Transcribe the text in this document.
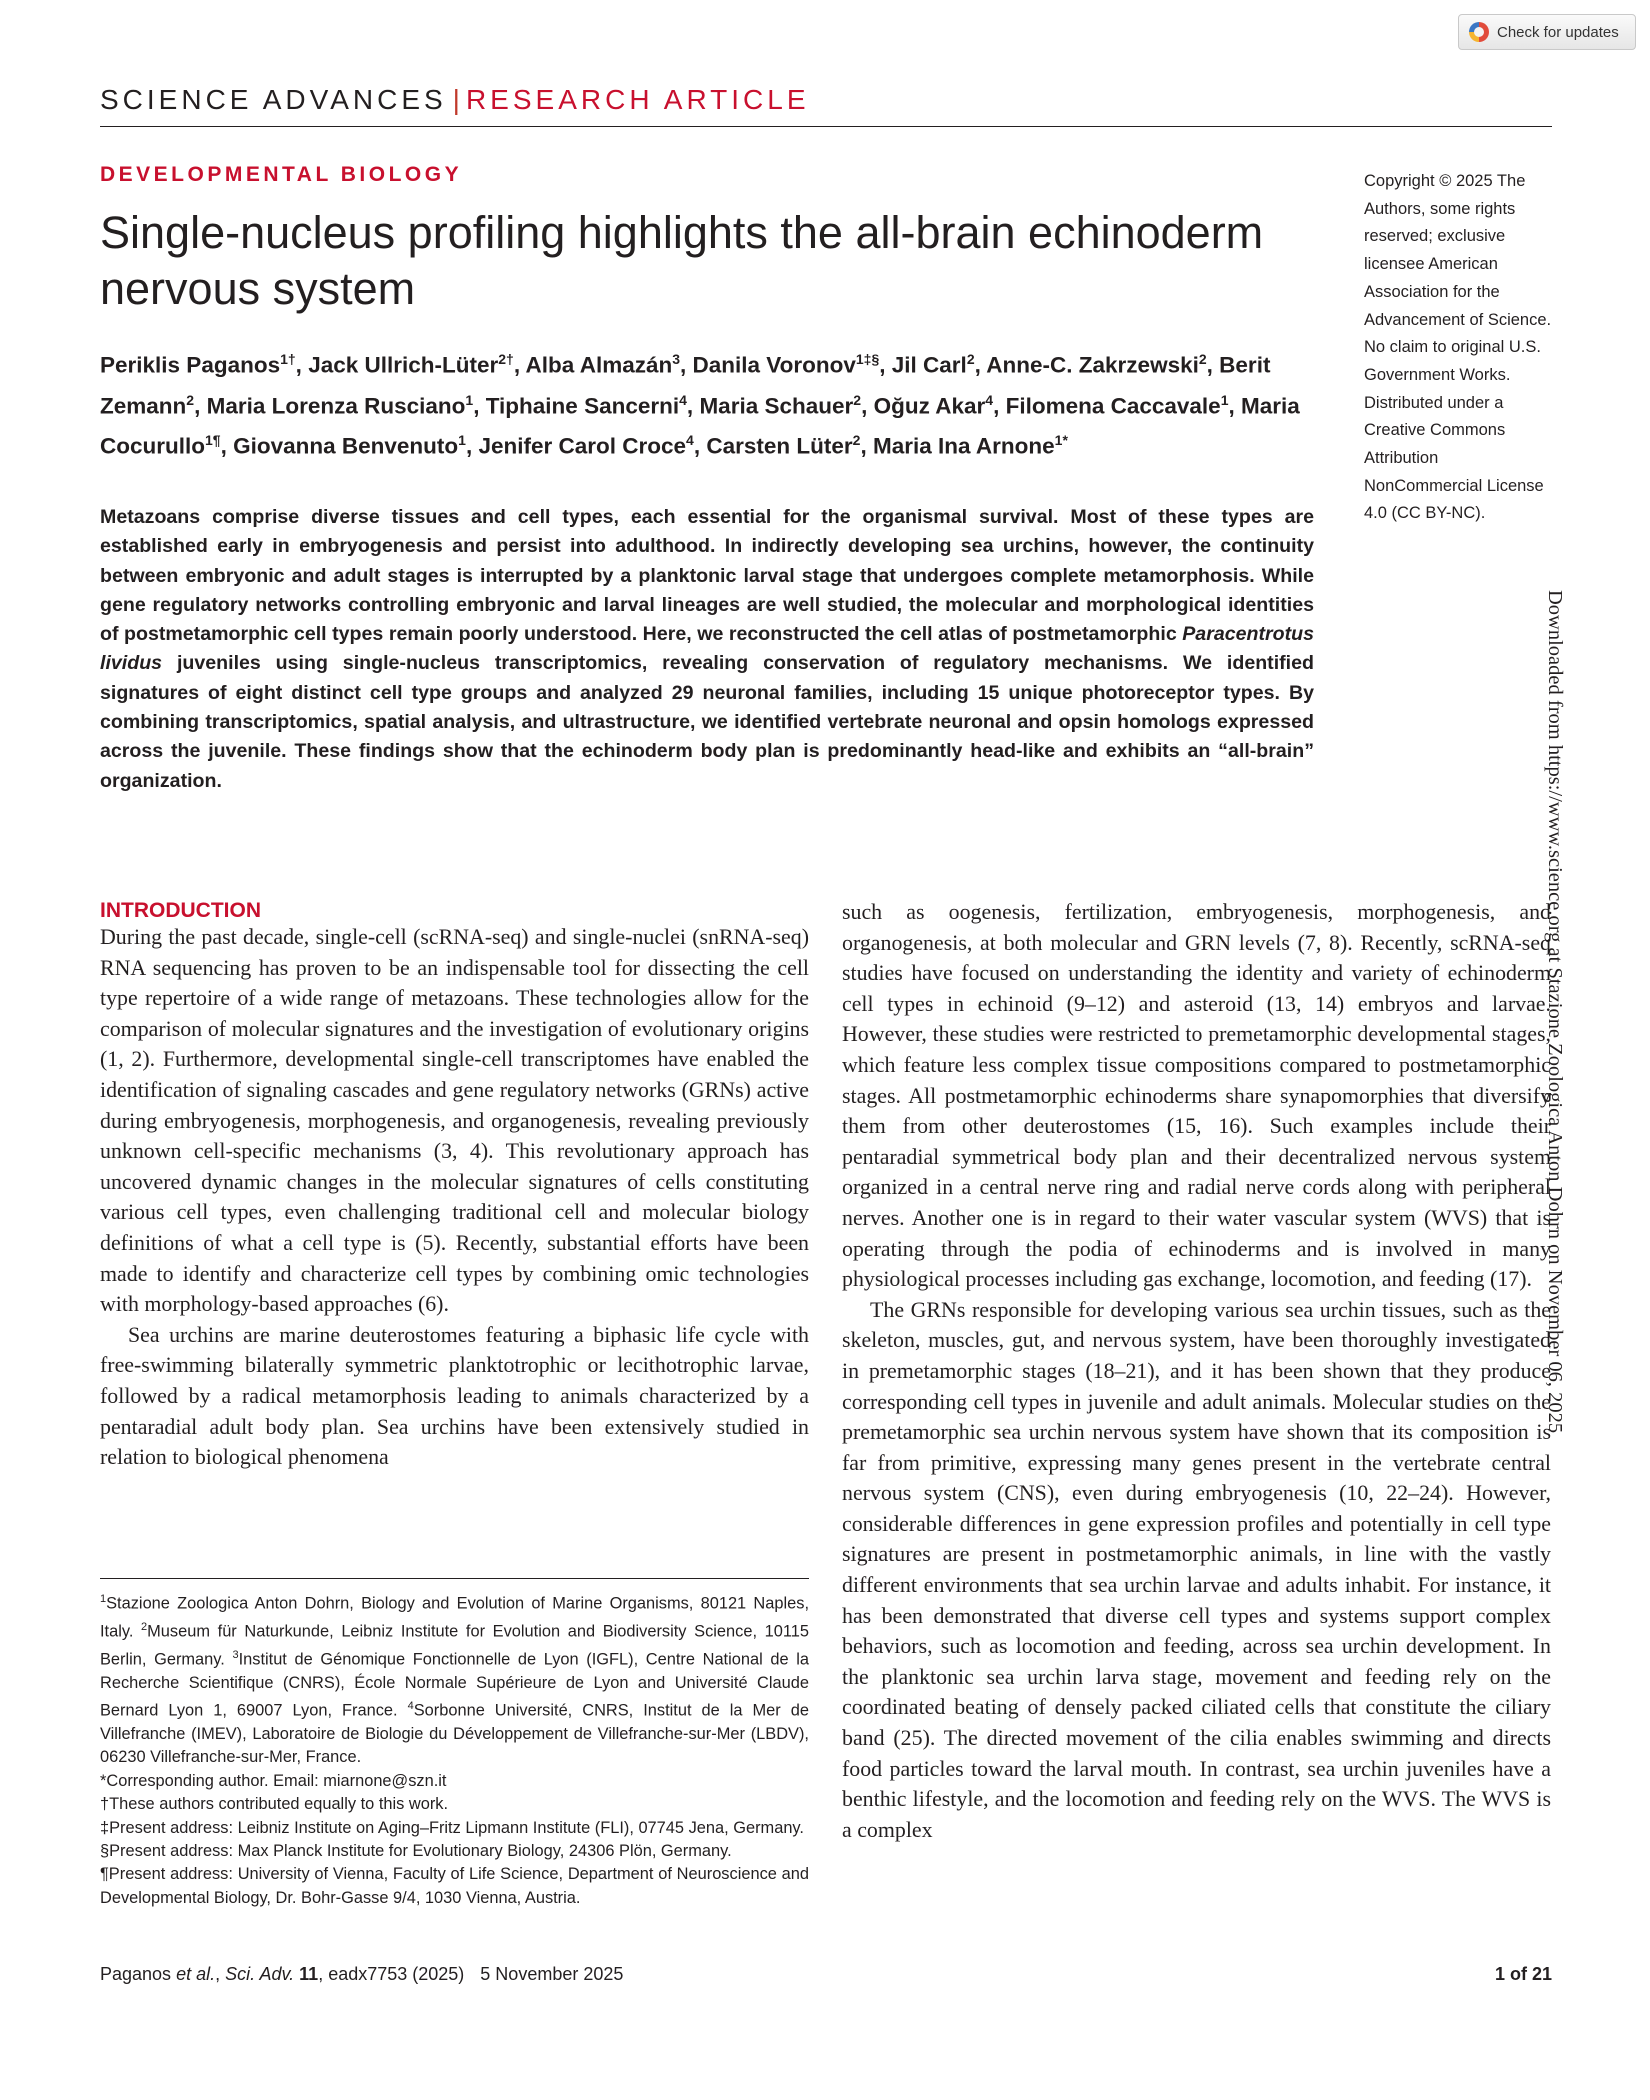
Check for updates
SCIENCE ADVANCES | RESEARCH ARTICLE
DEVELOPMENTAL BIOLOGY
Single-nucleus profiling highlights the all-brain echinoderm nervous system
Periklis Paganos$^{1\dagger}$, Jack Ullrich-Lüter$^{2\dagger}$, Alba Almazán$^3$, Danila Voronov$^{1\ddagger\S}$, Jil Carl$^2$, Anne-C. Zakrzewski$^2$, Berit Zemann$^2$, Maria Lorenza Rusciano$^1$, Tiphaine Sancerni$^4$, Maria Schauer$^2$, Oğuz Akar$^4$, Filomena Caccavale$^1$, Maria Cocurullo$^{1\P}$, Giovanna Benvenuto$^1$, Jenifer Carol Croce$^4$, Carsten Lüter$^2$, Maria Ina Arnone$^{1*}$
Copyright © 2025 The Authors, some rights reserved; exclusive licensee American Association for the Advancement of Science. No claim to original U.S. Government Works. Distributed under a Creative Commons Attribution NonCommercial License 4.0 (CC BY-NC).

Metazoans comprise diverse tissues and cell types, each essential for the organismal survival. Most of these types are established early in embryogenesis and persist into adulthood. In indirectly developing sea urchins, however, the continuity between embryonic and adult stages is interrupted by a planktonic larval stage that undergoes complete metamorphosis. While gene regulatory networks controlling embryonic and larval lineages are well studied, the molecular and morphological identities of postmetamorphic cell types remain poorly understood. Here, we reconstructed the cell atlas of postmetamorphic Paracentrotus lividus juveniles using single-nucleus transcriptomics, revealing conservation of regulatory mechanisms. We identified signatures of eight distinct cell type groups and analyzed 29 neuronal families, including 15 unique photoreceptor types. By combining transcriptomics, spatial analysis, and ultrastructure, we identified vertebrate neuronal and opsin homologs expressed across the juvenile. These findings show that the echinoderm body plan is predominantly head-like and exhibits an “all-brain” organization.	Downloaded from https://www.science.org at Stazione Zoologica Anton Dohrn on November 06, 2025
INTRODUCTION

During the past decade, single-cell (scRNA-seq) and single-nuclei (snRNA-seq) RNA sequencing has proven to be an indispensable tool for dissecting the cell type repertoire of a wide range of metazoans. These technologies allow for the comparison of molecular signatures and the investigation of evolutionary origins (1, 2). Furthermore, developmental single-cell transcriptomes have enabled the identification of signaling cascades and gene regulatory networks (GRNs) active during embryogenesis, morphogenesis, and organogenesis, revealing previously unknown cell-specific mechanisms (3, 4). This revolutionary approach has uncovered dynamic changes in the molecular signatures of cells constituting various cell types, even challenging traditional cell and molecular biology definitions of what a cell type is (5). Recently, substantial efforts have been made to identify and characterize cell types by combining omic technologies with morphology-based approaches (6).

Sea urchins are marine deuterostomes featuring a biphasic life cycle with free-swimming bilaterally symmetric planktotrophic or lecithotrophic larvae, followed by a radical metamorphosis leading to animals characterized by a pentaradial adult body plan. Sea urchins have been extensively studied in relation to biological phenomena

such as oogenesis, fertilization, embryogenesis, morphogenesis, and organogenesis, at both molecular and GRN levels (7, 8). Recently, scRNA-seq studies have focused on understanding the identity and variety of echinoderm cell types in echinoid (9–12) and asteroid (13, 14) embryos and larvae. However, these studies were restricted to premetamorphic developmental stages, which feature less complex tissue compositions compared to postmetamorphic stages. All postmetamorphic echinoderms share synapomorphies that diversify them from other deuterostomes (15, 16). Such examples include their pentaradial symmetrical body plan and their decentralized nervous system organized in a central nerve ring and radial nerve cords along with peripheral nerves. Another one is in regard to their water vascular system (WVS) that is operating through the podia of echinoderms and is involved in many physiological processes including gas exchange, locomotion, and feeding (17).

The GRNs responsible for developing various sea urchin tissues, such as the skeleton, muscles, gut, and nervous system, have been thoroughly investigated in premetamorphic stages (18–21), and it has been shown that they produce corresponding cell types in juvenile and adult animals. Molecular studies on the premetamorphic sea urchin nervous system have shown that its composition is far from primitive, expressing many genes present in the vertebrate central nervous system (CNS), even during embryogenesis (10, 22–24). However, considerable differences in gene expression profiles and potentially in cell type signatures are present in postmetamorphic animals, in line with the vastly different environments that sea urchin larvae and adults inhabit. For instance, it has been demonstrated that diverse cell types and systems support complex behaviors, such as locomotion and feeding, across sea urchin development. In the planktonic sea urchin larva stage, movement and feeding rely on the coordinated beating of densely packed ciliated cells that constitute the ciliary band (25). The directed movement of the cilia enables swimming and directs food particles toward the larval mouth. In contrast, sea urchin juveniles have a benthic lifestyle, and the locomotion and feeding rely on the WVS. The WVS is a complex

$^1$Stazione Zoologica Anton Dohrn, Biology and Evolution of Marine Organisms, 80121 Naples, Italy. $^2$Museum für Naturkunde, Leibniz Institute for Evolution and Biodiversity Science, 10115 Berlin, Germany. $^3$Institut de Génomique Fonctionnelle de Lyon (IGFL), Centre National de la Recherche Scientifique (CNRS), École Normale Supérieure de Lyon and Université Claude Bernard Lyon 1, 69007 Lyon, France. $^4$Sorbonne Université, CNRS, Institut de la Mer de Villefranche (IMEV), Laboratoire de Biologie du Développement de Villefranche-sur-Mer (LBDV), 06230 Villefranche-sur-Mer, France.

*Corresponding author. Email: miarnone@szn.it

†These authors contributed equally to this work.

‡Present address: Leibniz Institute on Aging–Fritz Lipmann Institute (FLI), 07745 Jena, Germany.

§Present address: Max Planck Institute for Evolutionary Biology, 24306 Plön, Germany.

¶Present address: University of Vienna, Faculty of Life Science, Department of Neuroscience and Developmental Biology, Dr. Bohr-Gasse 9/4, 1030 Vienna, Austria.

Paganos et al., Sci. Adv. 11, eadx7753 (2025) 5 November 2025	1 of 21
